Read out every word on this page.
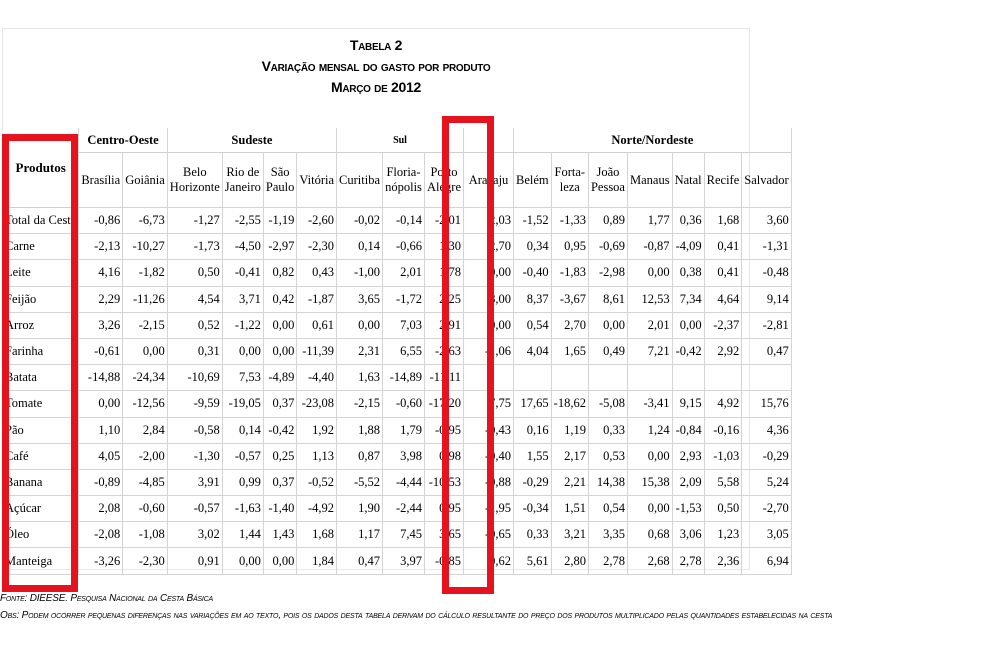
Tabela 2
Variação mensal do gasto por produto
Março de 2012
Produtos	Centro-Oeste		Sudeste				Sul				Norte/Nordeste						
	Brasília	Goiânia	Belo Horizonte	Rio de Janeiro	São Paulo	Vitória	Curitiba	Floria-nópolis	Porto Alegre	Aracaju	Belém	Forta-leza	João Pessoa	Manaus	Natal	Recife	Salvador
Total da Cesta	-0,86	-6,73	-1,27	-2,55	-1,19	-2,60	-0,02	-0,14	-2,01	2,03	-1,52	-1,33	0,89	1,77	0,36	1,68	3,60
Carne	-2,13	-10,27	-1,73	-4,50	-2,97	-2,30	0,14	-0,66	1,30	2,70	0,34	0,95	-0,69	-0,87	-4,09	0,41	-1,31
Leite	4,16	-1,82	0,50	-0,41	0,82	0,43	-1,00	2,01	1,78	0,00	-0,40	-1,83	-2,98	0,00	0,38	0,41	-0,48
Feijão	2,29	-11,26	4,54	3,71	0,42	-1,87	3,65	-1,72	2,25	8,00	8,37	-3,67	8,61	12,53	7,34	4,64	9,14
Arroz	3,26	-2,15	0,52	-1,22	0,00	0,61	0,00	7,03	2,91	0,00	0,54	2,70	0,00	2,01	0,00	-2,37	-2,81
Farinha	-0,61	0,00	0,31	0,00	0,00	-11,39	2,31	6,55	-2,63	-1,06	4,04	1,65	0,49	7,21	-0,42	2,92	0,47
Batata	-14,88	-24,34	-10,69	7,53	-4,89	-4,40	1,63	-14,89	-11,11								
Tomate	0,00	-12,56	-9,59	-19,05	0,37	-23,08	-2,15	-0,60	-17,20	7,75	17,65	-18,62	-5,08	-3,41	9,15	4,92	15,76
Pão	1,10	2,84	-0,58	0,14	-0,42	1,92	1,88	1,79	-0,95	-0,43	0,16	1,19	0,33	1,24	-0,84	-0,16	4,36
Café	4,05	-2,00	-1,30	-0,57	0,25	1,13	0,87	3,98	0,98	-0,40	1,55	2,17	0,53	0,00	2,93	-1,03	-0,29
Banana	-0,89	-4,85	3,91	0,99	0,37	-0,52	-5,52	-4,44	-10,53	-0,88	-0,29	2,21	14,38	15,38	2,09	5,58	5,24
Açúcar	2,08	-0,60	-0,57	-1,63	-1,40	-4,92	1,90	-2,44	0,95	-1,95	-0,34	1,51	0,54	0,00	-1,53	0,50	-2,70
Óleo	-2,08	-1,08	3,02	1,44	1,43	1,68	1,17	7,45	3,65	-0,65	0,33	3,21	3,35	0,68	3,06	1,23	3,05
Manteiga	-3,26	-2,30	0,91	0,00	0,00	1,84	0,47	3,97	-0,85	0,62	5,61	2,80	2,78	2,68	2,78	2,36	6,94
Fonte: DIEESE. Pesquisa Nacional da Cesta Básica
Obs: Podem ocorrer pequenas diferenças nas variações em ao texto, pois os dados desta tabela derivam do cálculo resultante do preço dos produtos multiplicado pelas quantidades estabelecidas na cesta
